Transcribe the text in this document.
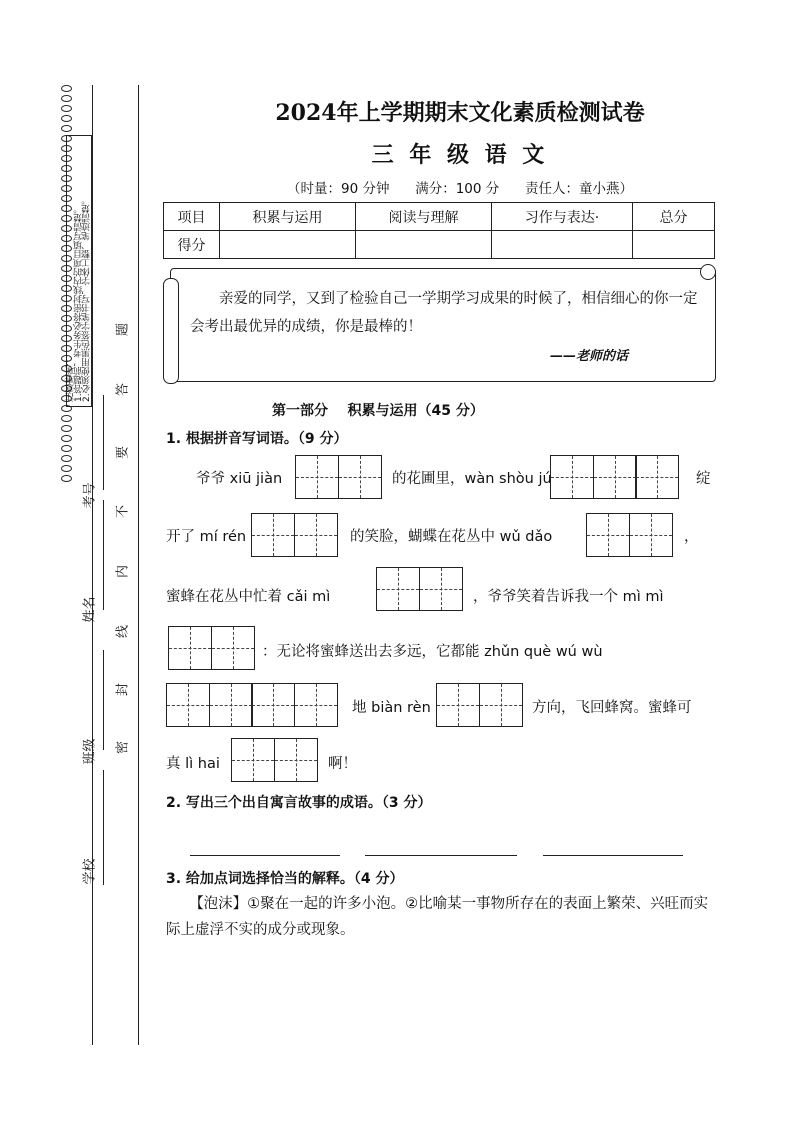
注意事项：
1.答题前，考生务必将密封线内的项目填写清楚。
2.必须使用黑色签字笔书写，字体工整、笔迹清楚。
学校
班级
姓名
考号
密
封
线
内
不
要
答
题
2024年上学期期末文化素质检测试卷
三 年 级 语 文
（时量：90 分钟      满分：100 分      责任人：童小燕）
项目	积累与运用	阅读与理解	习作与表达·	总分
得分				
亲爱的同学，又到了检验自己一学期学习成果的时候了，相信细心的你一定会考出最优异的成绩，你是最棒的！
——老师的话
第一部分    积累与运用（45 分）
1. 根据拼音写词语。（9 分）
爷爷 xiū jiàn	的花圃里，wàn shòu jú	绽
开了 mí rén	的笑脸，蝴蝶在花丛中 wǔ dǎo	，
蜜蜂在花丛中忙着 cǎi mì	，爷爷笑着告诉我一个 mì mì
：无论将蜜蜂送出去多远，它都能 zhǔn què wú wù
地 biàn rèn	方向，飞回蜂窝。蜜蜂可
真 lì hai	啊！
2. 写出三个出自寓言故事的成语。（3 分）
3. 给加点词选择恰当的解释。（4 分）
【泡沫】①聚在一起的许多小泡。②比喻某一事物所存在的表面上繁荣、兴旺而实际上虚浮不实的成分或现象。
